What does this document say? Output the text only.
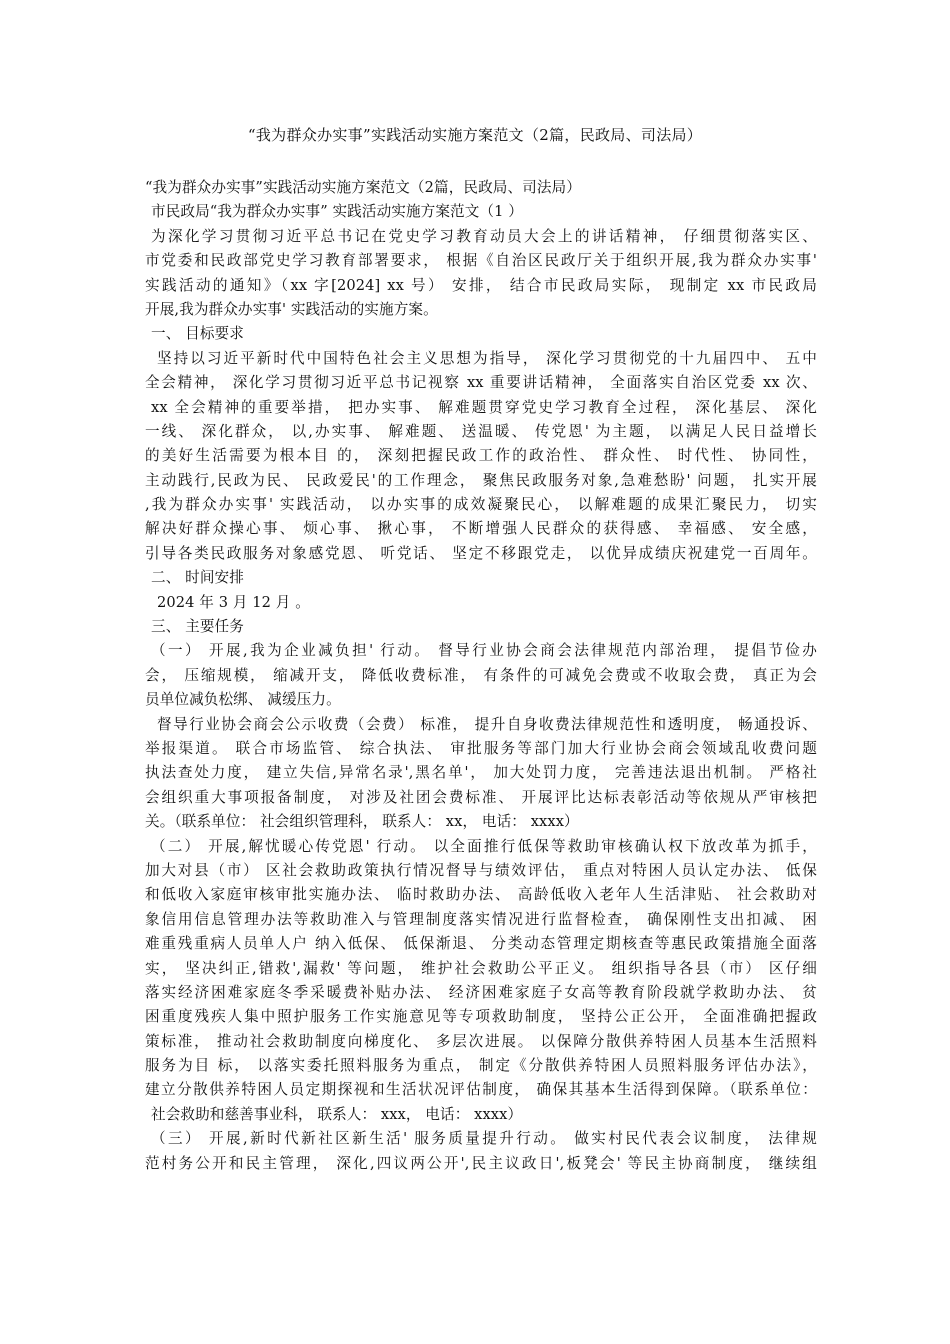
“我为群众办实事”实践活动实施方案范文（2篇，民政局、司法局）
“我为群众办实事”实践活动实施方案范文（2篇，民政局、司法局）
市民政局“我为群众办实事” 实践活动实施方案范文（1 ）
为深化学习贯彻习近平总书记在党史学习教育动员大会上的讲话精神， 仔细贯彻落实区、
市党委和民政部党史学习教育部署要求， 根据《自治区民政厅关于组织开展,我为群众办实事'
实践活动的通知》（xx 字[2024] xx 号） 安排， 结合市民政局实际， 现制定 xx 市民政局
开展,我为群众办实事' 实践活动的实施方案。
一、 目标要求
坚持以习近平新时代中国特色社会主义思想为指导， 深化学习贯彻党的十九届四中、 五中
全会精神， 深化学习贯彻习近平总书记视察 xx 重要讲话精神， 全面落实自治区党委 xx 次、
xx 全会精神的重要举措， 把办实事、 解难题贯穿党史学习教育全过程， 深化基层、 深化
一线、 深化群众， 以,办实事、 解难题、 送温暖、 传党恩' 为主题， 以满足人民日益增长
的美好生活需要为根本目 的， 深刻把握民政工作的政治性、 群众性、 时代性、 协同性，
主动践行,民政为民、 民政爱民'的工作理念， 聚焦民政服务对象,急难愁盼' 问题， 扎实开展
,我为群众办实事' 实践活动， 以办实事的成效凝聚民心， 以解难题的成果汇聚民力， 切实
解决好群众操心事、 烦心事、 揪心事， 不断增强人民群众的获得感、 幸福感、 安全感，
引导各类民政服务对象感党恩、 听党话、 坚定不移跟党走， 以优异成绩庆祝建党一百周年。
二、 时间安排
2024 年 3 月 12 月 。
三、 主要任务
（一） 开展,我为企业减负担' 行动。 督导行业协会商会法律规范内部治理， 提倡节俭办
会， 压缩规模， 缩减开支， 降低收费标准， 有条件的可减免会费或不收取会费， 真正为会
员单位减负松绑、 减缓压力。
督导行业协会商会公示收费（会费） 标准， 提升自身收费法律规范性和透明度， 畅通投诉、
举报渠道。 联合市场监管、 综合执法、 审批服务等部门加大行业协会商会领域乱收费问题
执法查处力度， 建立失信,异常名录',黑名单'， 加大处罚力度， 完善违法退出机制。 严格社
会组织重大事项报备制度， 对涉及社团会费标准、 开展评比达标表彰活动等依规从严审核把
关。（联系单位： 社会组织管理科， 联系人： xx， 电话： xxxx）
（二） 开展,解忧暖心传党恩' 行动。 以全面推行低保等救助审核确认权下放改革为抓手，
加大对县（市） 区社会救助政策执行情况督导与绩效评估， 重点对特困人员认定办法、 低保
和低收入家庭审核审批实施办法、 临时救助办法、 高龄低收入老年人生活津贴、 社会救助对
象信用信息管理办法等救助准入与管理制度落实情况进行监督检查， 确保刚性支出扣减、 困
难重残重病人员单人户 纳入低保、 低保渐退、 分类动态管理定期核查等惠民政策措施全面落
实， 坚决纠正,错救',漏救' 等问题， 维护社会救助公平正义。 组织指导各县（市） 区仔细
落实经济困难家庭冬季采暖费补贴办法、 经济困难家庭子女高等教育阶段就学救助办法、 贫
困重度残疾人集中照护服务工作实施意见等专项救助制度， 坚持公正公开， 全面准确把握政
策标准， 推动社会救助制度向梯度化、 多层次进展。 以保障分散供养特困人员基本生活照料
服务为目 标， 以落实委托照料服务为重点， 制定《分散供养特困人员照料服务评估办法》，
建立分散供养特困人员定期探视和生活状况评估制度， 确保其基本生活得到保障。（联系单位：
社会救助和慈善事业科， 联系人： xxx， 电话： xxxx）
（三） 开展,新时代新社区新生活' 服务质量提升行动。 做实村民代表会议制度， 法律规
范村务公开和民主管理， 深化,四议两公开',民主议政日',板凳会' 等民主协商制度， 继续组
